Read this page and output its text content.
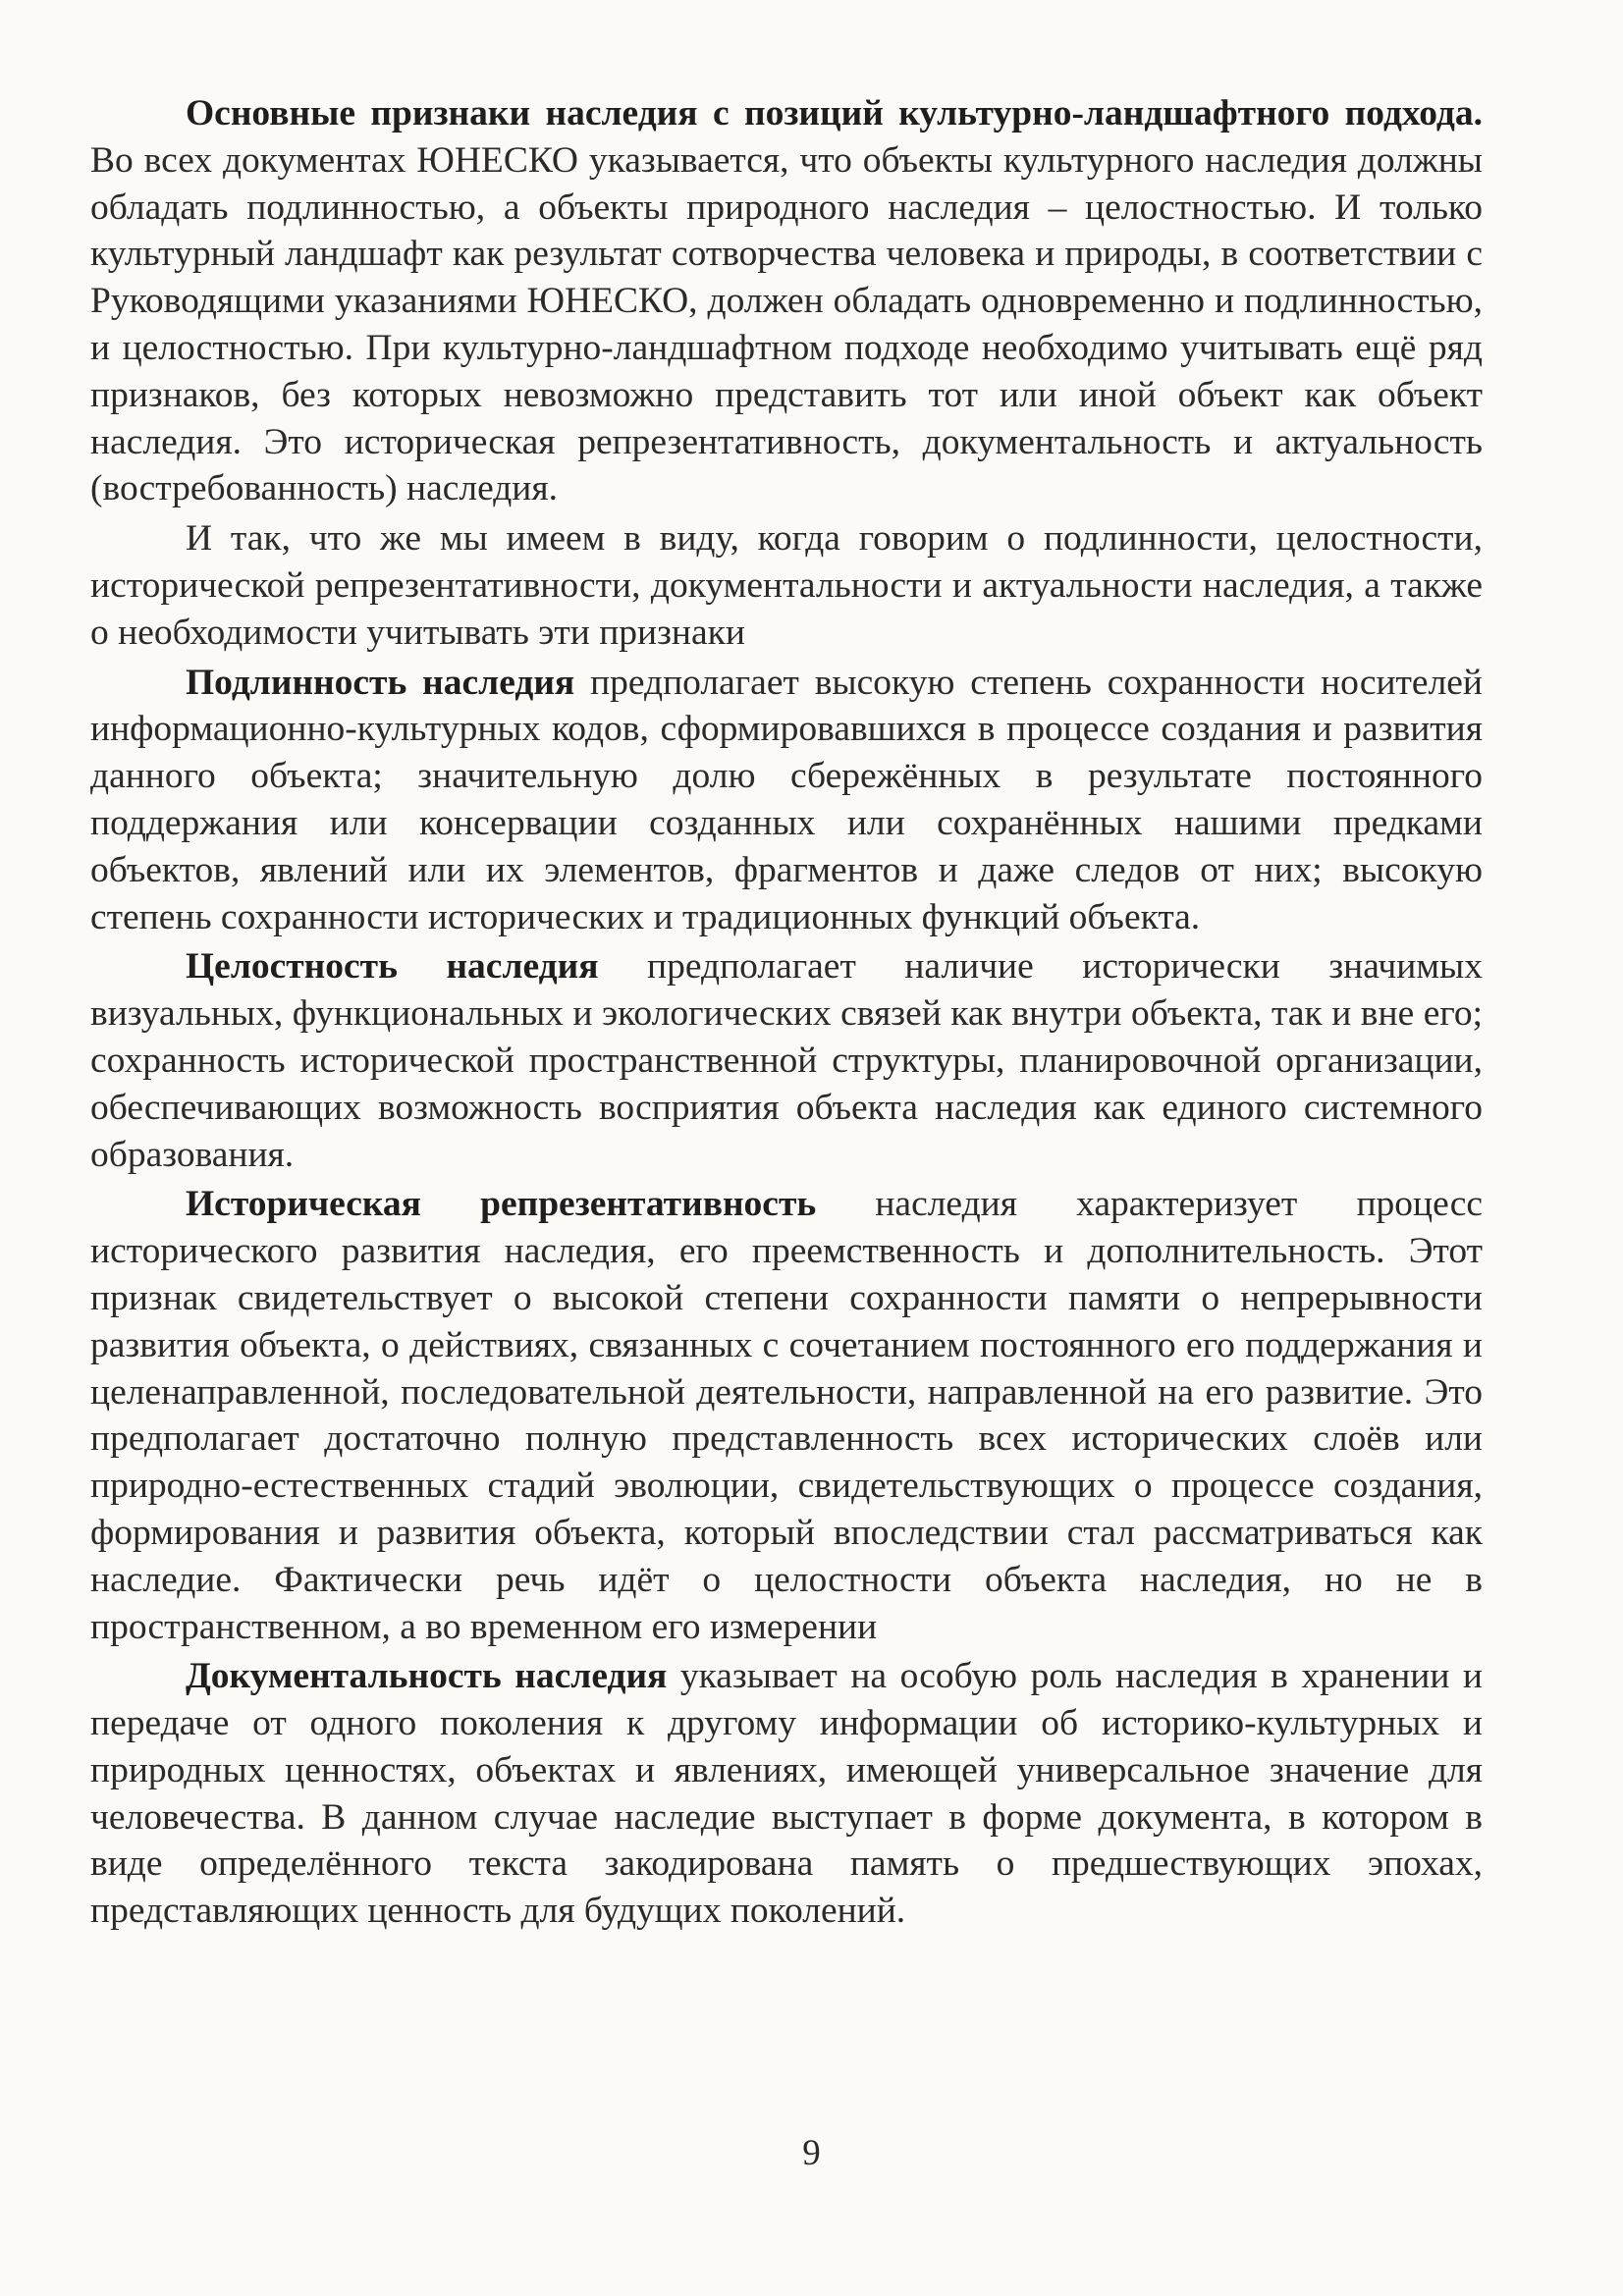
Основные признаки наследия с позиций культурно-ландшафтного подхода. Во всех документах ЮНЕСКО указывается, что объекты культурного наследия должны обладать подлинностью, а объекты природного наследия – целостностью. И только культурный ландшафт как результат сотворчества человека и природы, в соответствии с Руководящими указаниями ЮНЕСКО, должен обладать одновременно и подлинностью, и целостностью. При культурно-ландшафтном подходе необходимо учитывать ещё ряд признаков, без которых невозможно представить тот или иной объект как объект наследия. Это историческая репрезентативность, документальность и актуальность (востребованность) наследия.

И так, что же мы имеем в виду, когда говорим о подлинности, целостности, исторической репрезентативности, документальности и актуальности наследия, а также о необходимости учитывать эти признаки

Подлинность наследия предполагает высокую степень сохранности носителей информационно-культурных кодов, сформировавшихся в процессе создания и развития данного объекта; значительную долю сбережённых в результате постоянного поддержания или консервации созданных или сохранённых нашими предками объектов, явлений или их элементов, фрагментов и даже следов от них; высокую степень сохранности исторических и традиционных функций объекта.

Целостность наследия предполагает наличие исторически значимых визуальных, функциональных и экологических связей как внутри объекта, так и вне его; сохранность исторической пространственной структуры, планировочной организации, обеспечивающих возможность восприятия объекта наследия как единого системного образования.

Историческая репрезентативность наследия характеризует процесс исторического развития наследия, его преемственность и дополнительность. Этот признак свидетельствует о высокой степени сохранности памяти о непрерывности развития объекта, о действиях, связанных с сочетанием постоянного его поддержания и целенаправленной, последовательной деятельности, направленной на его развитие. Это предполагает достаточно полную представленность всех исторических слоёв или природно-естественных стадий эволюции, свидетельствующих о процессе создания, формирования и развития объекта, который впоследствии стал рассматриваться как наследие. Фактически речь идёт о целостности объекта наследия, но не в пространственном, а во временном его измерении

Документальность наследия указывает на особую роль наследия в хранении и передаче от одного поколения к другому информации об историко-культурных и природных ценностях, объектах и явлениях, имеющей универсальное значение для человечества. В данном случае наследие выступает в форме документа, в котором в виде определённого текста закодирована память о предшествующих эпохах, представляющих ценность для будущих поколений.

9
